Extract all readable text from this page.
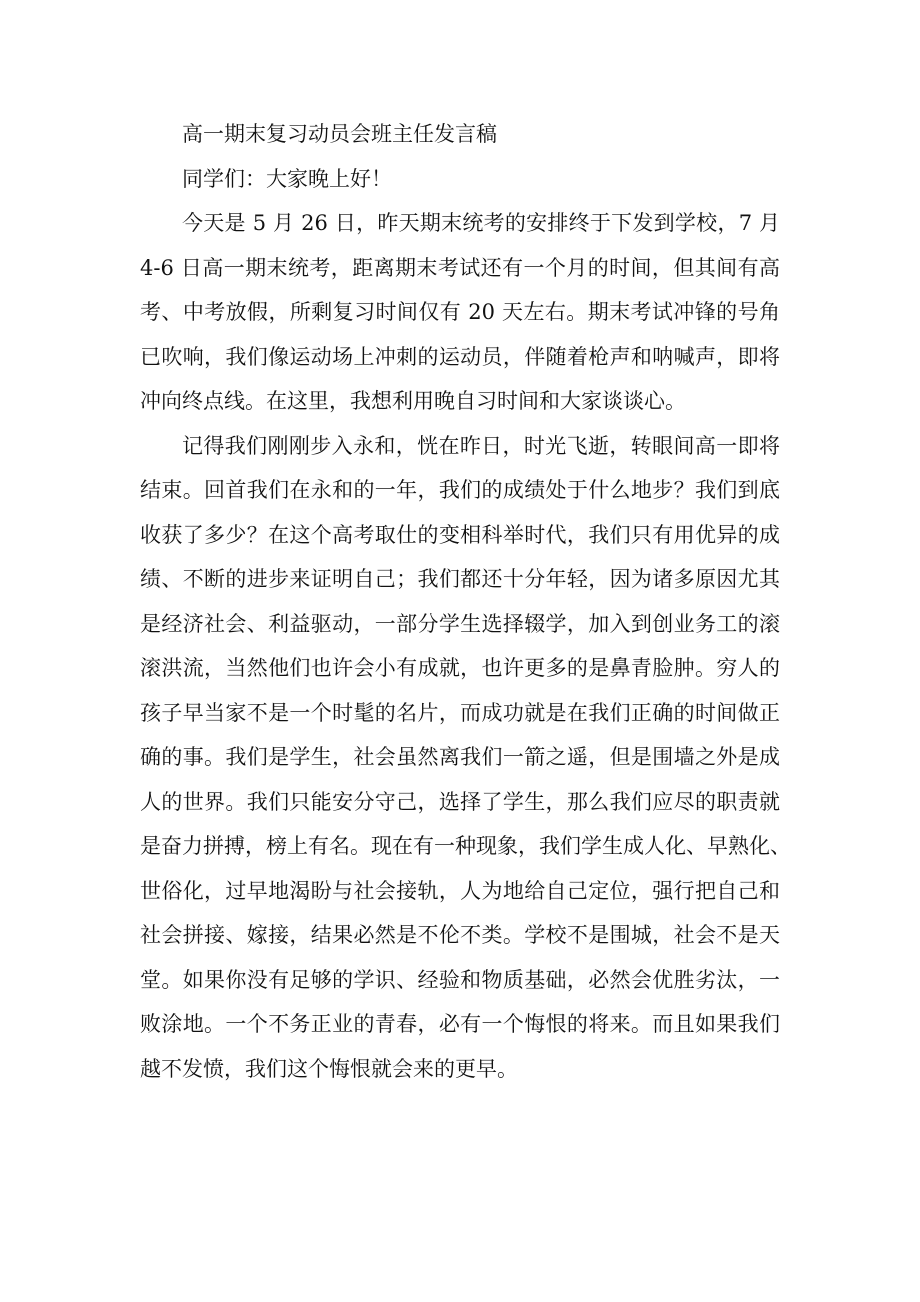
高一期末复习动员会班主任发言稿

同学们：大家晚上好！

今天是 5 月 26 日，昨天期末统考的安排终于下发到学校，7 月

4-6 日高一期末统考，距离期末考试还有一个月的时间，但其间有高

考、中考放假，所剩复习时间仅有 20 天左右。期末考试冲锋的号角

已吹响，我们像运动场上冲刺的运动员，伴随着枪声和呐喊声，即将

冲向终点线。在这里，我想利用晚自习时间和大家谈谈心。

记得我们刚刚步入永和，恍在昨日，时光飞逝，转眼间高一即将

结束。回首我们在永和的一年，我们的成绩处于什么地步？我们到底

收获了多少？在这个高考取仕的变相科举时代，我们只有用优异的成

绩、不断的进步来证明自己；我们都还十分年轻，因为诸多原因尤其

是经济社会、利益驱动，一部分学生选择辍学，加入到创业务工的滚

滚洪流，当然他们也许会小有成就，也许更多的是鼻青脸肿。穷人的

孩子早当家不是一个时髦的名片，而成功就是在我们正确的时间做正

确的事。我们是学生，社会虽然离我们一箭之遥，但是围墙之外是成

人的世界。我们只能安分守己，选择了学生，那么我们应尽的职责就

是奋力拼搏，榜上有名。现在有一种现象，我们学生成人化、早熟化、

世俗化，过早地渴盼与社会接轨，人为地给自己定位，强行把自己和

社会拼接、嫁接，结果必然是不伦不类。学校不是围城，社会不是天

堂。如果你没有足够的学识、经验和物质基础，必然会优胜劣汰，一

败涂地。一个不务正业的青春，必有一个悔恨的将来。而且如果我们

越不发愤，我们这个悔恨就会来的更早。
